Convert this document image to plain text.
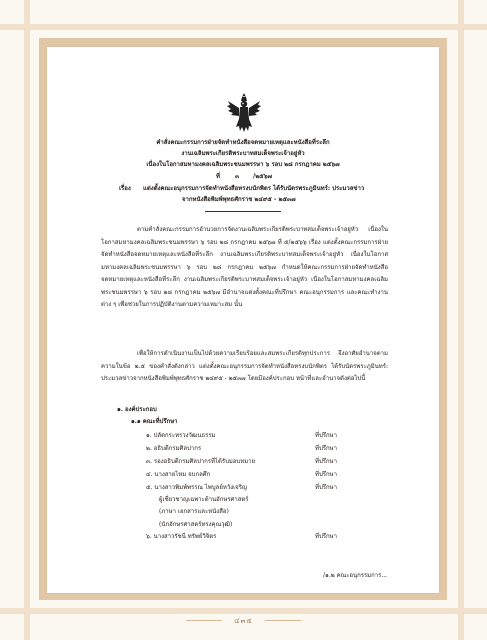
คำสั่งคณะกรรมการฝ่ายจัดทำหนังสือจดหมายเหตุและหนังสือที่ระลึก
งานเฉลิมพระเกียรติพระบาทสมเด็จพระเจ้าอยู่หัว
เนื่องในโอกาสมหามงคลเฉลิมพระชนมพรรษา ๖ รอบ ๒๘ กรกฎาคม ๒๕๖๗
ที่	๓ /๒๕๖๗
เรื่อง แต่งตั้งคณะอนุกรรมการจัดทำหนังสือทรงบนักพิตร ได้รับนัดรพระภูมินทร์: ประมวลข่าว
จากหนังสือพิมพ์พุทธศักราช ๒๔๙๕ - ๒๕๓๗
ตามคำสั่งคณะกรรมการอำนวยการจัดงานเฉลิมพระเกียรติพระบาทสมเด็จพระเจ้าอยู่หัว เนื่องในโอกาสมหามงคลเฉลิมพระชนมพรรษา ๖ รอบ ๒๘ กรกฎาคม ๒๕๖๗ ที่ ๕/๒๕๖๖ เรื่อง แต่งตั้งคณะกรรมการฝ่ายจัดทำหนังสือจดหมายเหตุและหนังสือที่ระลึก งานเฉลิมพระเกียรติพระบาทสมเด็จพระเจ้าอยู่หัว เนื่องในโอกาสมหามงคลเฉลิมพระชนมพรรษา ๖ รอบ ๒๘ กรกฎาคม ๒๕๖๗ กำหนดให้คณะกรรมการฝ่ายจัดทำหนังสือจดหมายเหตุและหนังสือที่ระลึก งานเฉลิมพระเกียรติพระบาทสมเด็จพระเจ้าอยู่หัว เนื่องในโอกาสมหามงคลเฉลิมพระชนมพรรษา ๖ รอบ ๒๘ กรกฎาคม ๒๕๖๗ มีอำนาจแต่งตั้งคณะที่ปรึกษา คณะอนุกรรมการ และคณะทำงานต่าง ๆ เพื่อช่วยในการปฏิบัติงานตามความเหมาะสม นั้น
เพื่อให้การดำเนินงานเป็นไปด้วยความเรียบร้อยและสมพระเกียรติทุกประการ จึงอาศัยอำนาจตามความในข้อ ๒.๕ ของคำสั่งดังกล่าว แต่งตั้งคณะอนุกรรมการจัดทำหนังสือทรงบนักพิตร ได้รับนัดรพระภูมินทร์: ประมวลข่าวจากหนังสือพิมพ์พุทธศักราช ๒๔๙๕ - ๒๕๓๗ โดยมีองค์ประกอบ หน้าที่และอำนาจดังต่อไปนี้
๑. องค์ประกอบ
๑.๑ คณะที่ปรึกษา
๑. ปลัดกระทรวงวัฒนธรรม	ที่ปรึกษา
๒. อธิบดีกรมศิลปากร	ที่ปรึกษา
๓. รองอธิบดีกรมศิลปากรที่ได้รับมอบหมาย	ที่ปรึกษา
๔. นางสายไหม จบกลศึก	ที่ปรึกษา
๕. นางสาวพิมพ์พรรณ ไพบูลย์หวังเจริญ	ที่ปรึกษา
ผู้เชี่ยวชาญเฉพาะด้านอักษรศาสตร์
(ภาษา เอกสารและหนังสือ)
(นักอักษรศาสตร์ทรงคุณวุฒิ)
๖. นางสาวรัชนี ทรัพย์วิจิตร	ที่ปรึกษา
/๑.๒ คณะอนุกรรมการ...
๔๓๕
